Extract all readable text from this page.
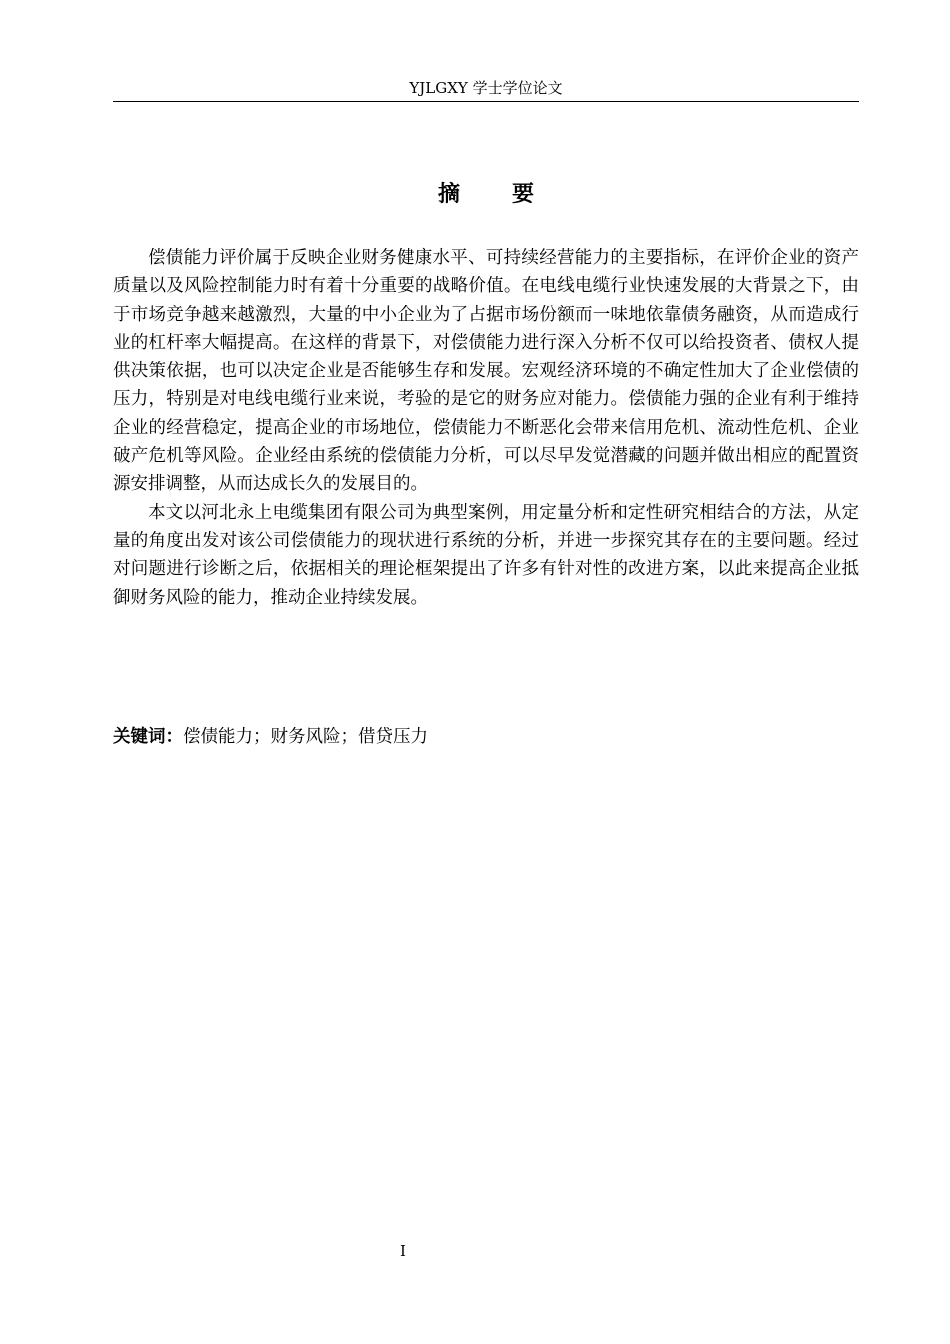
YJLGXY 学士学位论文
摘要

偿债能力评价属于反映企业财务健康水平、可持续经营能力的主要指标，在评价企业的资产质量以及风险控制能力时有着十分重要的战略价值。在电线电缆行业快速发展的大背景之下，由于市场竞争越来越激烈，大量的中小企业为了占据市场份额而一味地依靠债务融资，从而造成行业的杠杆率大幅提高。在这样的背景下，对偿债能力进行深入分析不仅可以给投资者、债权人提供决策依据，也可以决定企业是否能够生存和发展。宏观经济环境的不确定性加大了企业偿债的压力，特别是对电线电缆行业来说，考验的是它的财务应对能力。偿债能力强的企业有利于维持企业的经营稳定，提高企业的市场地位，偿债能力不断恶化会带来信用危机、流动性危机、企业破产危机等风险。企业经由系统的偿债能力分析，可以尽早发觉潜藏的问题并做出相应的配置资源安排调整，从而达成长久的发展目的。

本文以河北永上电缆集团有限公司为典型案例，用定量分析和定性研究相结合的方法，从定量的角度出发对该公司偿债能力的现状进行系统的分析，并进一步探究其存在的主要问题。经过对问题进行诊断之后，依据相关的理论框架提出了许多有针对性的改进方案，以此来提高企业抵御财务风险的能力，推动企业持续发展。

关键词：偿债能力；财务风险；借贷压力
I
